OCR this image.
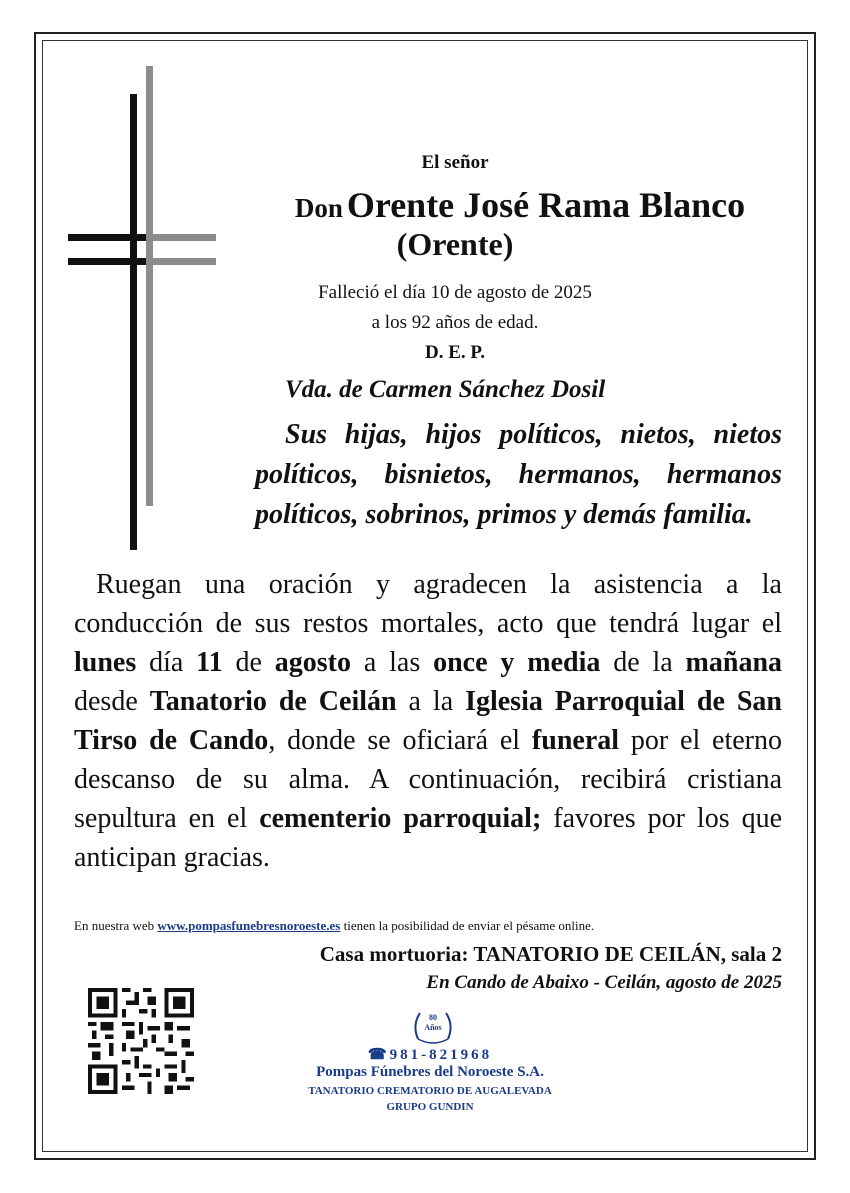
El señor
Don Orente José Rama Blanco
(Orente)
Falleció el día 10 de agosto de 2025
a los 92 años de edad.
D. E. P.
Vda. de Carmen Sánchez Dosil
Sus hijas, hijos políticos, nietos, nietos políticos, bisnietos, hermanos, hermanos políticos, sobrinos, primos y demás familia.
Ruegan una oración y agradecen la asistencia a la conducción de sus restos mortales, acto que tendrá lugar el lunes día 11 de agosto a las once y media de la mañana desde Tanatorio de Ceilán a la Iglesia Parroquial de San Tirso de Cando, donde se oficiará el funeral por el eterno descanso de su alma. A continuación, recibirá cristiana sepultura en el cementerio parroquial; favores por los que anticipan gracias.
En nuestra web www.pompasfunebresnoroeste.es tienen la posibilidad de enviar el pésame online.
Casa mortuoria: TANATORIO DE CEILÁN, sala 2
En Cando de Abaixo - Ceilán, agosto de 2025
80
Años
☎981-821968
Pompas Fúnebres del Noroeste S.A.
TANATORIO CREMATORIO DE AUGALEVADA
GRUPO GUNDIN
